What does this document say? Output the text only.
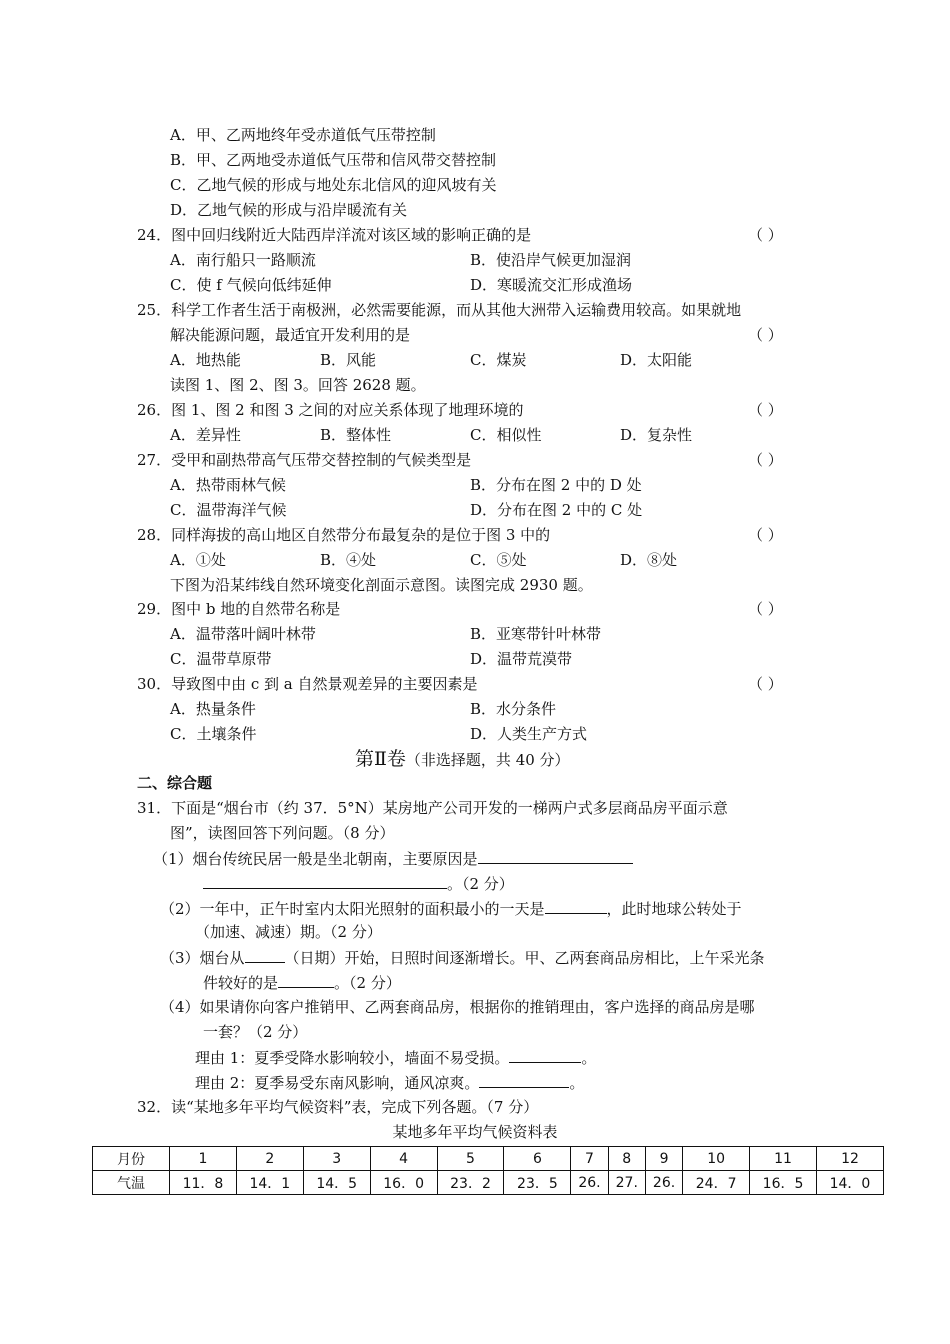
A．甲、乙两地终年受赤道低气压带控制
B．甲、乙两地受赤道低气压带和信风带交替控制
C．乙地气候的形成与地处东北信风的迎风坡有关
D．乙地气候的形成与沿岸暖流有关
24．图中回归线附近大陆西岸洋流对该区域的影响正确的是	（ ）
A．南行船只一路顺流	B．使沿岸气候更加湿润
C．使 f 气候向低纬延伸	D．寒暖流交汇形成渔场
25．科学工作者生活于南极洲，必然需要能源，而从其他大洲带入运输费用较高。如果就地
解决能源问题，最适宜开发利用的是	（ ）
A．地热能	B．风能	C．煤炭	D．太阳能
读图 1、图 2、图 3。回答 2628 题。
26．图 1、图 2 和图 3 之间的对应关系体现了地理环境的	（ ）
A．差异性	B．整体性	C．相似性	D．复杂性
27．受甲和副热带高气压带交替控制的气候类型是	（ ）
A．热带雨林气候	B．分布在图 2 中的 D 处
C．温带海洋气候	D．分布在图 2 中的 C 处
28．同样海拔的高山地区自然带分布最复杂的是位于图 3 中的	（ ）
A．①处	B．④处	C．⑤处	D．⑧处
下图为沿某纬线自然环境变化剖面示意图。读图完成 2930 题。
29．图中 b 地的自然带名称是	（ ）
A．温带落叶阔叶林带	B．亚寒带针叶林带
C．温带草原带	D．温带荒漠带
30．导致图中由 c 到 a 自然景观差异的主要因素是	（ ）
A．热量条件	B．水分条件
C．土壤条件	D．人类生产方式
第Ⅱ卷（非选择题，共 40 分）
二、综合题
31．下面是“烟台市（约 37．5°N）某房地产公司开发的一梯两户式多层商品房平面示意
图”，读图回答下列问题。（8 分）
（1）烟台传统民居一般是坐北朝南，主要原因是
。（2 分）
（2）一年中，正午时室内太阳光照射的面积最小的一天是	，此时地球公转处于
（加速、减速）期。（2 分）
（3）烟台从	（日期）开始，日照时间逐渐增长。甲、乙两套商品房相比，上午采光条
件较好的是	。（2 分）
（4）如果请你向客户推销甲、乙两套商品房，根据你的推销理由，客户选择的商品房是哪
一套？（2 分）
理由 1：夏季受降水影响较小，墙面不易受损。	。
理由 2：夏季易受东南风影响，通风凉爽。	。
32．读“某地多年平均气候资料”表，完成下列各题。（7 分）
某地多年平均气候资料表
月份	1	2	3	4	5	6	7	8	9	10	11	12
气温	11．8	14．1	14．5	16．0	23．2	23．5	26.	27.	26.	24．7	16．5	14．0
